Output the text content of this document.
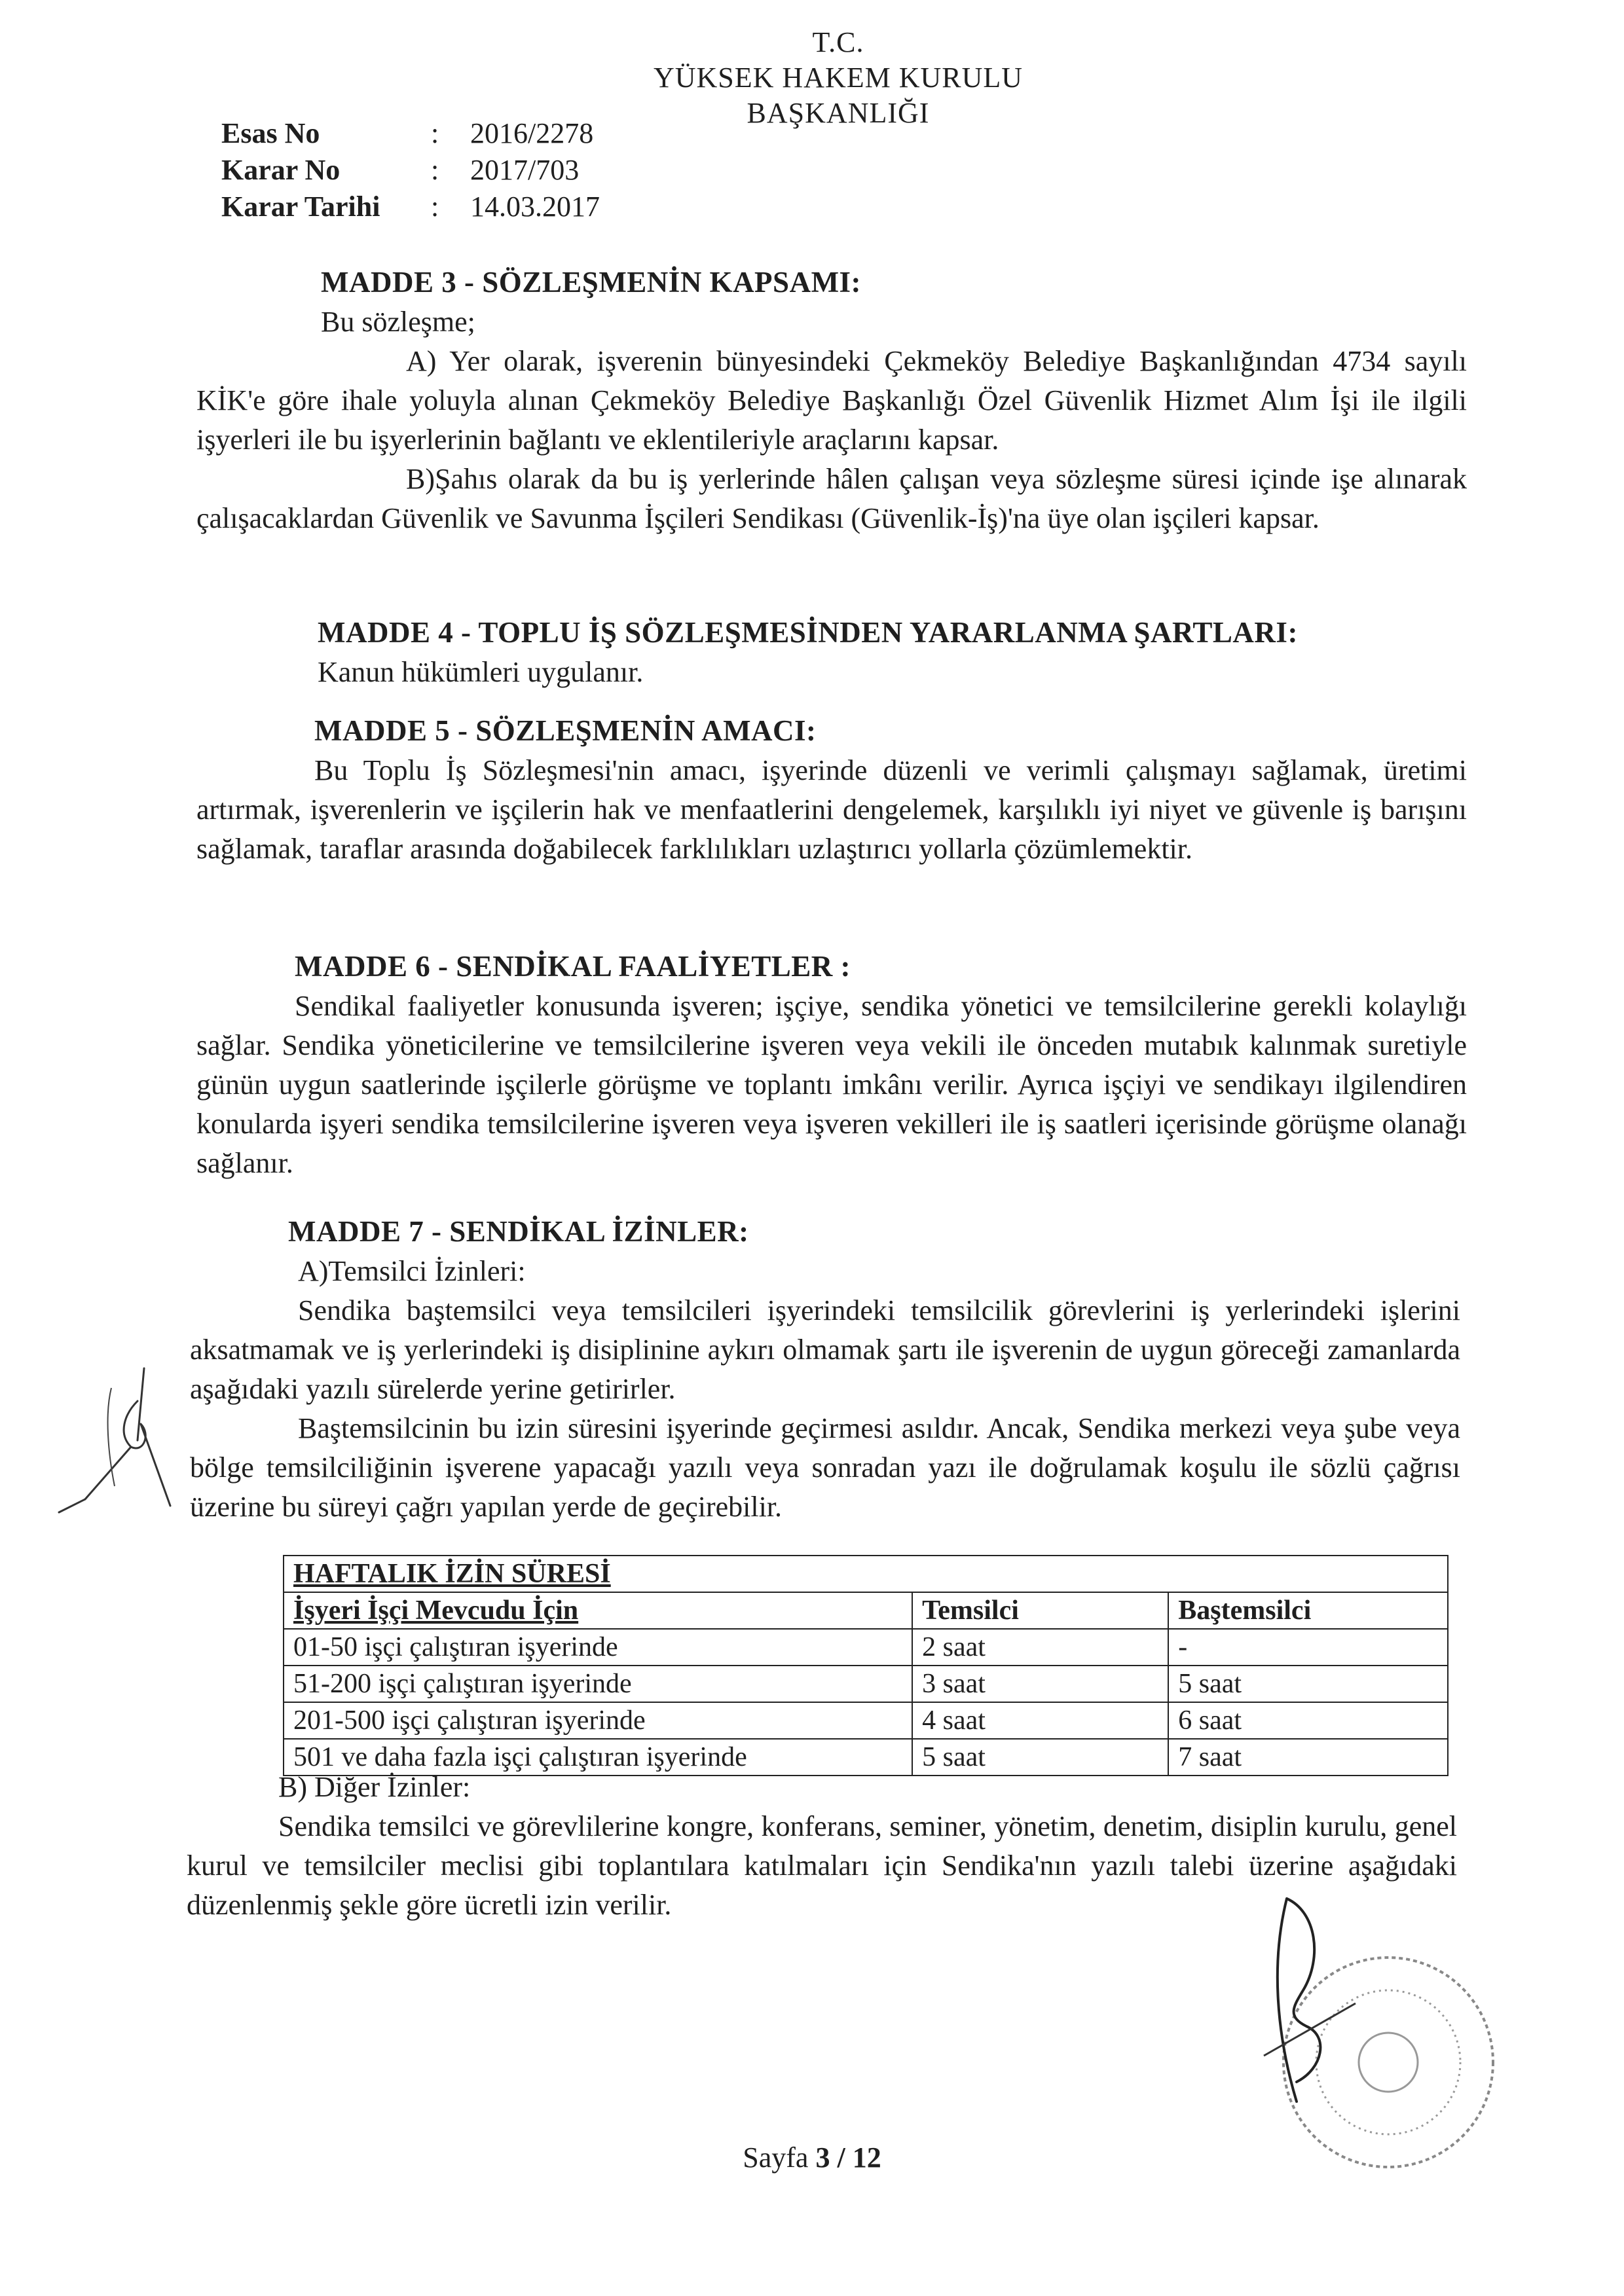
T.C.
YÜKSEK HAKEM KURULU
BAŞKANLIĞI
Esas No	: 2016/2278
Karar No	: 2017/703
Karar Tarihi : 14.03.2017
MADDE 3 - SÖZLEŞMENİN KAPSAMI:

Bu sözleşme;

A) Yer olarak, işverenin bünyesindeki Çekmeköy Belediye Başkanlığından 4734 sayılı KİK'e göre ihale yoluyla alınan Çekmeköy Belediye Başkanlığı Özel Güvenlik Hizmet Alım İşi ile ilgili işyerleri ile bu işyerlerinin bağlantı ve eklentileriyle araçlarını kapsar.

B)Şahıs olarak da bu iş yerlerinde hâlen çalışan veya sözleşme süresi içinde işe alınarak çalışacaklardan Güvenlik ve Savunma İşçileri Sendikası (Güvenlik-İş)'na üye olan işçileri kapsar.

MADDE 4 - TOPLU İŞ SÖZLEŞMESİNDEN YARARLANMA ŞARTLARI:

Kanun hükümleri uygulanır.

MADDE 5 - SÖZLEŞMENİN AMACI:

Bu Toplu İş Sözleşmesi'nin amacı, işyerinde düzenli ve verimli çalışmayı sağlamak, üretimi artırmak, işverenlerin ve işçilerin hak ve menfaatlerini dengelemek, karşılıklı iyi niyet ve güvenle iş barışını sağlamak, taraflar arasında doğabilecek farklılıkları uzlaştırıcı yollarla çözümlemektir.

MADDE 6 - SENDİKAL FAALİYETLER :

Sendikal faaliyetler konusunda işveren; işçiye, sendika yönetici ve temsilcilerine gerekli kolaylığı sağlar. Sendika yöneticilerine ve temsilcilerine işveren veya vekili ile önceden mutabık kalınmak suretiyle günün uygun saatlerinde işçilerle görüşme ve toplantı imkânı verilir. Ayrıca işçiyi ve sendikayı ilgilendiren konularda işyeri sendika temsilcilerine işveren veya işveren vekilleri ile iş saatleri içerisinde görüşme olanağı sağlanır.

MADDE 7 - SENDİKAL İZİNLER:

A)Temsilci İzinleri:

Sendika baştemsilci veya temsilcileri işyerindeki temsilcilik görevlerini iş yerlerindeki işlerini aksatmamak ve iş yerlerindeki iş disiplinine aykırı olmamak şartı ile işverenin de uygun göreceği zamanlarda aşağıdaki yazılı sürelerde yerine getirirler.

Baştemsilcinin bu izin süresini işyerinde geçirmesi asıldır. Ancak, Sendika merkezi veya şube veya bölge temsilciliğinin işverene yapacağı yazılı veya sonradan yazı ile doğrulamak koşulu ile sözlü çağrısı üzerine bu süreyi çağrı yapılan yerde de geçirebilir.

HAFTALIK İZİN SÜRESİ		
İşyeri İşçi Mevcudu İçin	Temsilci	Baştemsilci
01-50 işçi çalıştıran işyerinde	2 saat	-
51-200 işçi çalıştıran işyerinde	3 saat	5 saat
201-500 işçi çalıştıran işyerinde	4 saat	6 saat
501 ve daha fazla işçi çalıştıran işyerinde	5 saat	7 saat

B) Diğer İzinler:

Sendika temsilci ve görevlilerine kongre, konferans, seminer, yönetim, denetim, disiplin kurulu, genel kurul ve temsilciler meclisi gibi toplantılara katılmaları için Sendika'nın yazılı talebi üzerine aşağıdaki düzenlenmiş şekle göre ücretli izin verilir.

Sayfa 3 / 12
